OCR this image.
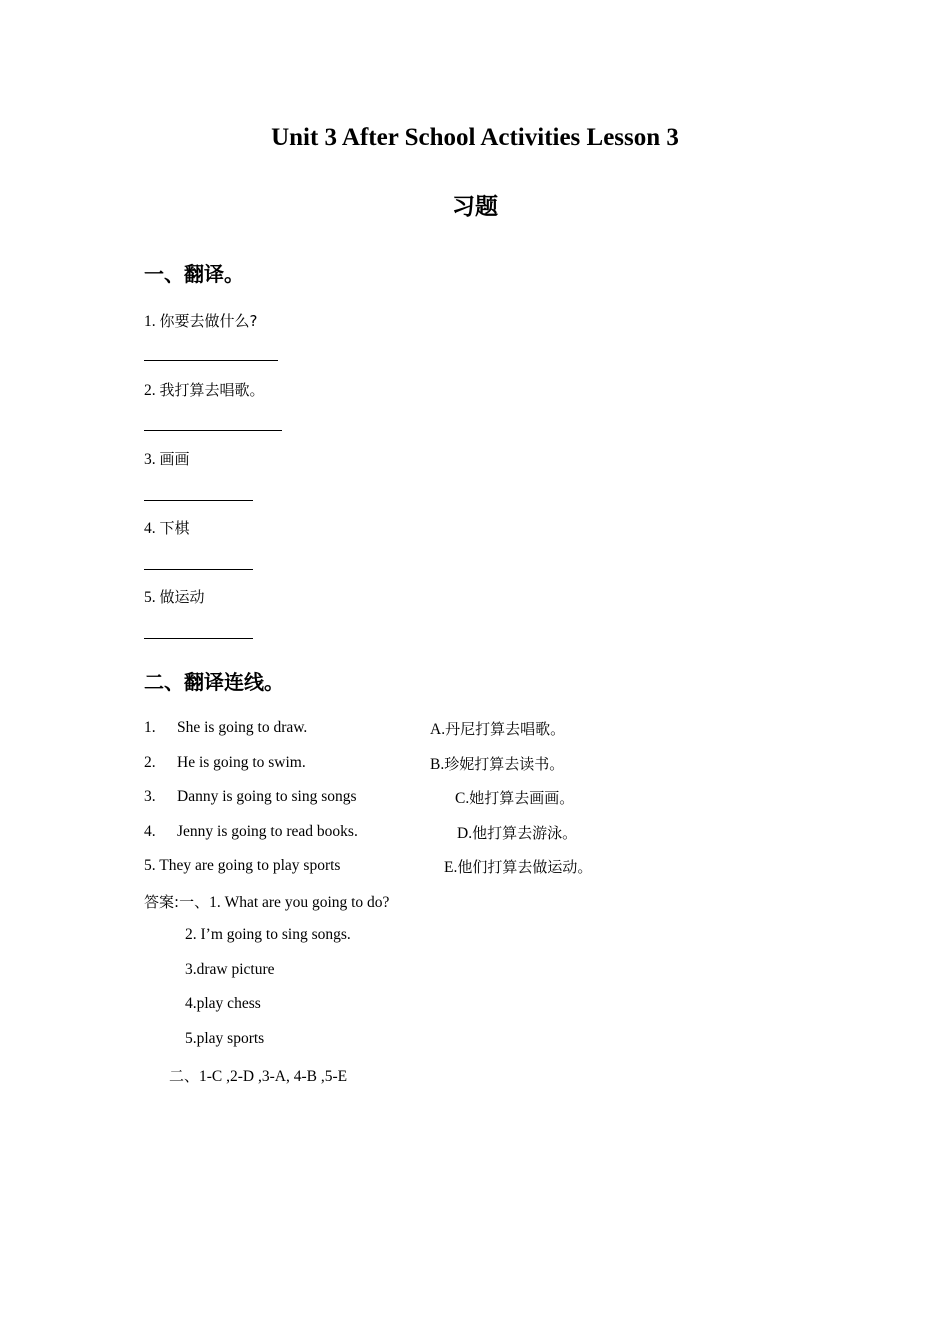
Unit 3 After School Activities Lesson 3
习题
一、翻译。
1. 你要去做什么?
2. 我打算去唱歌。
3. 画画
4. 下棋
5. 做运动
二、翻译连线。
1. She is going to draw.
2. He is going to swim.
3. Danny is going to sing songs
4. Jenny is going to read books.
5. They are going to play sports
A.丹尼打算去唱歌。
B.珍妮打算去读书。
C.她打算去画画。
D.他打算去游泳。
E.他们打算去做运动。
答案:一、1. What are you going to do?
2. I’m going to sing songs.
3.draw picture
4.play chess
5.play sports
二、1-C ,2-D ,3-A, 4-B ,5-E
